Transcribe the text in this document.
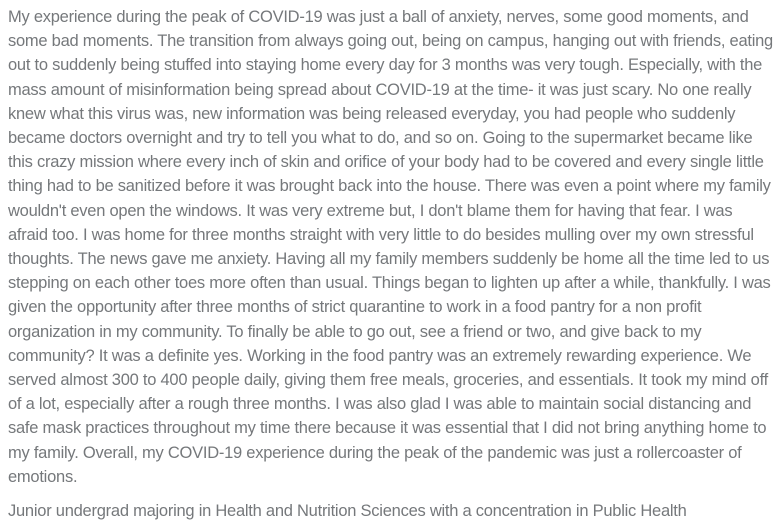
My experience during the peak of COVID-19 was just a ball of anxiety, nerves, some good moments, and some bad moments. The transition from always going out, being on campus, hanging out with friends, eating out to suddenly being stuffed into staying home every day for 3 months was very tough. Especially, with the mass amount of misinformation being spread about COVID-19 at the time- it was just scary. No one really knew what this virus was, new information was being released everyday, you had people who suddenly became doctors overnight and try to tell you what to do, and so on. Going to the supermarket became like this crazy mission where every inch of skin and orifice of your body had to be covered and every single little thing had to be sanitized before it was brought back into the house. There was even a point where my family wouldn't even open the windows. It was very extreme but, I don't blame them for having that fear. I was afraid too. I was home for three months straight with very little to do besides mulling over my own stressful thoughts. The news gave me anxiety. Having all my family members suddenly be home all the time led to us stepping on each other toes more often than usual. Things began to lighten up after a while, thankfully. I was given the opportunity after three months of strict quarantine to work in a food pantry for a non profit organization in my community. To finally be able to go out, see a friend or two, and give back to my community? It was a definite yes. Working in the food pantry was an extremely rewarding experience. We served almost 300 to 400 people daily, giving them free meals, groceries, and essentials. It took my mind off of a lot, especially after a rough three months. I was also glad I was able to maintain social distancing and safe mask practices throughout my time there because it was essential that I did not bring anything home to my family. Overall, my COVID-19 experience during the peak of the pandemic was just a rollercoaster of emotions.

Junior undergrad majoring in Health and Nutrition Sciences with a concentration in Public Health
